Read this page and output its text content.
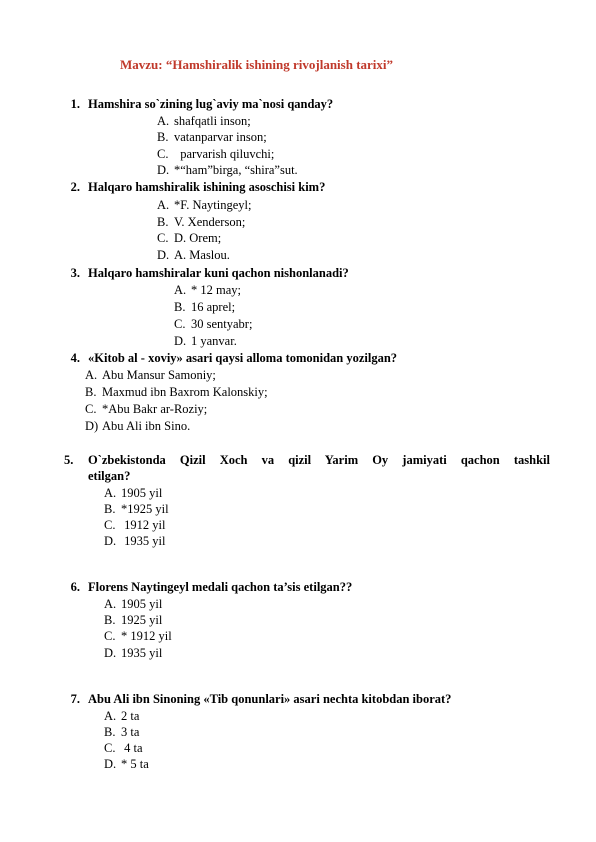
Mavzu: “Hamshiralik ishining rivojlanish tarixi”
1. Hamshira so`zining lug`aviy ma`nosi qanday?
A. shafqatli inson;
B. vatanparvar inson;
C.  parvarish qiluvchi;
D. *“ham”birga, “shira”sut.
2. Halqaro hamshiralik ishining asoschisi kim?
A. *F. Naytingeyl;
B. V. Xenderson;
C. D. Orem;
D. A. Maslou.
3. Halqaro hamshiralar kuni qachon nishonlanadi?
A. * 12 may;
B. 16 aprel;
C. 30 sentyabr;
D. 1 yanvar.
4. «Kitob al - xoviy» asari qaysi alloma tomonidan yozilgan?
A. Abu Mansur Samoniy;
B. Maxmud ibn Baxrom Kalonskiy;
C. *Abu Bakr ar-Roziy;
D) Abu Ali ibn Sino.
5.	O`zbekistonda Qizil Xoch va qizil Yarim Oy jamiyati qachon tashkil
etilgan?
A. 1905 yil
B. *1925 yil
C. 1912 yil
D. 1935 yil
6. Florens Naytingeyl medali qachon ta’sis etilgan??
A. 1905 yil
B. 1925 yil
C. * 1912 yil
D. 1935 yil
7. Abu Ali ibn Sinoning «Tib qonunlari» asari nechta kitobdan iborat?
A. 2 ta
B. 3 ta
C. 4 ta
D. * 5 ta
